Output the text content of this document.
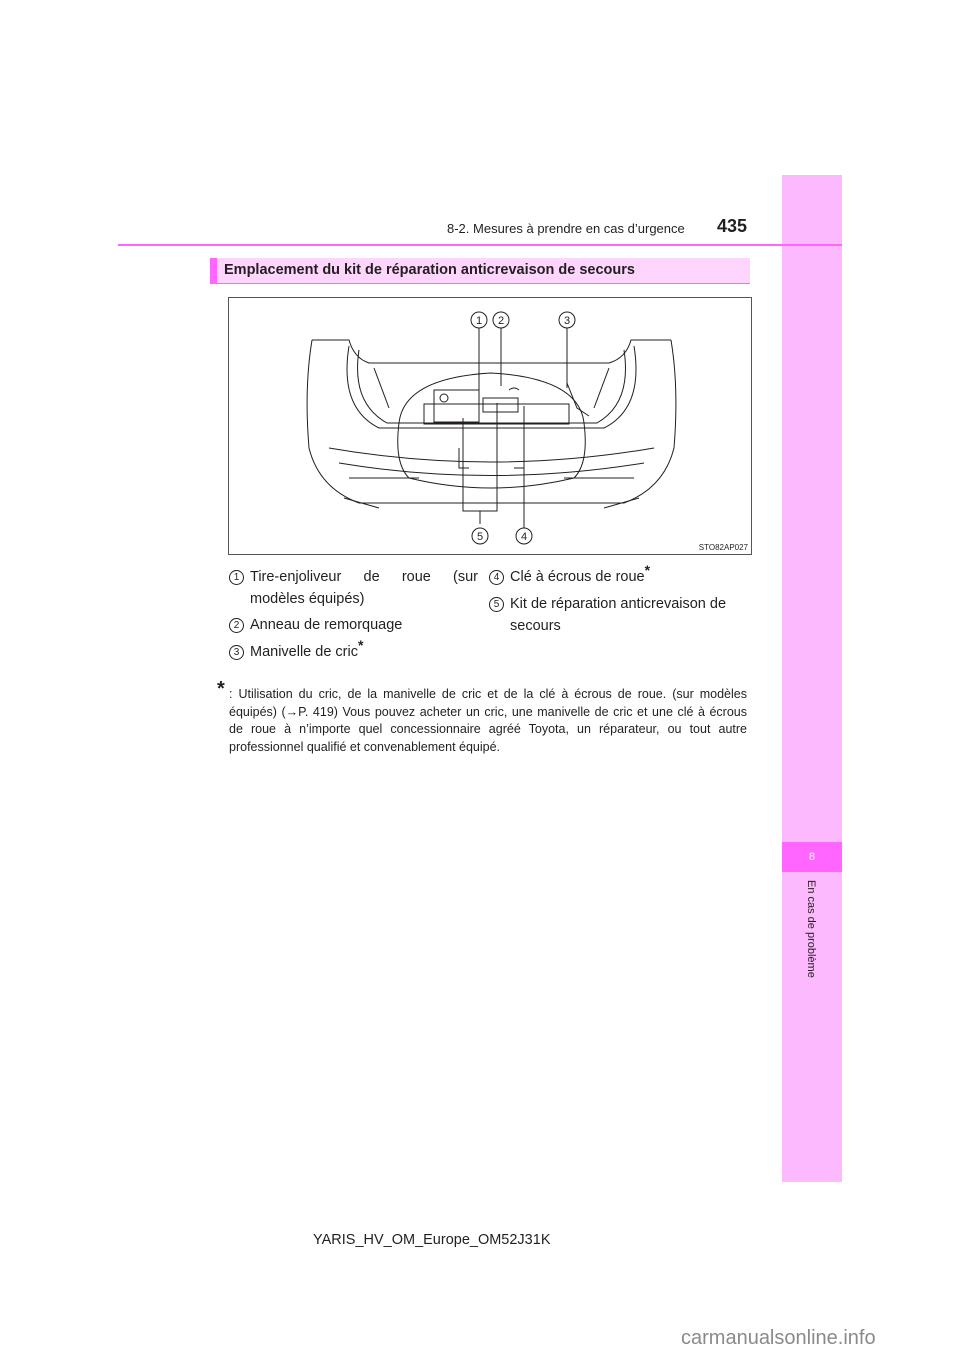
8
En cas de problème
8-2. Mesures à prendre en cas d’urgence 435
Emplacement du kit de réparation anticrevaison de secours
1 2	3
4
5
STO82AP027
1 Tire-enjoliveur de roue (sur
modèles équipés)
2 Anneau de remorquage
3 Manivelle de cric*
4 Clé à écrous de roue*
5 Kit de réparation anticrevaison de
secours
* : Utilisation du cric, de la manivelle de cric et de la clé à écrous de roue. (sur modèles équipés) (→P. 419) Vous pouvez acheter un cric, une manivelle de cric et une clé à écrous de roue à n’importe quel concessionnaire agréé Toyota, un réparateur, ou tout autre professionnel qualifié et convenablement équipé.
YARIS_HV_OM_Europe_OM52J31K
carmanualsonline.info
